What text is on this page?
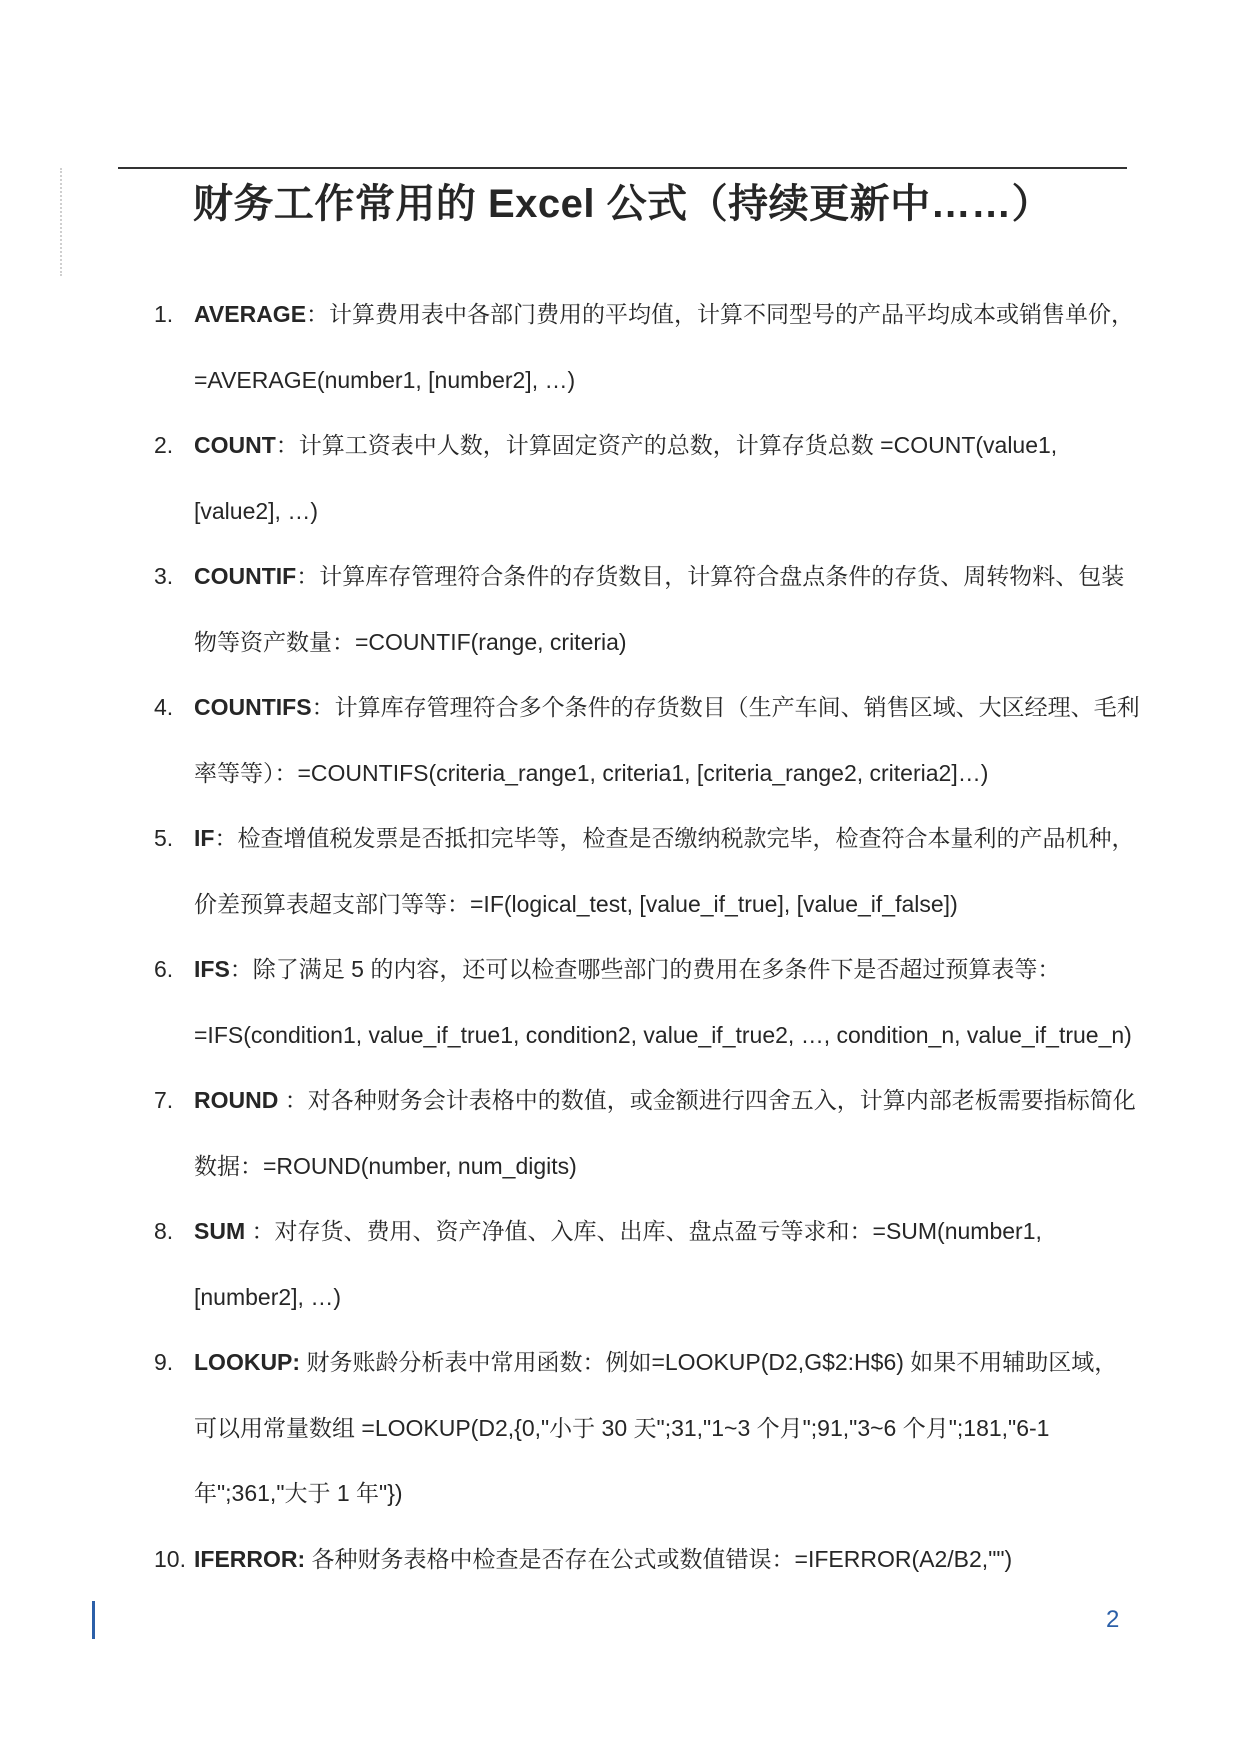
财务工作常用的 Excel 公式（持续更新中……）
1. AVERAGE：计算费用表中各部门费用的平均值，计算不同型号的产品平均成本或销售单价，=AVERAGE(number1, [number2], …)
2. COUNT：计算工资表中人数，计算固定资产的总数，计算存货总数 =COUNT(value1, [value2], …)
3. COUNTIF：计算库存管理符合条件的存货数目，计算符合盘点条件的存货、周转物料、包装物等资产数量：=COUNTIF(range, criteria)
4. COUNTIFS：计算库存管理符合多个条件的存货数目（生产车间、销售区域、大区经理、毛利率等等）：=COUNTIFS(criteria_range1, criteria1, [criteria_range2, criteria2]…)
5. IF：检查增值税发票是否抵扣完毕等，检查是否缴纳税款完毕，检查符合本量利的产品机种，价差预算表超支部门等等：=IF(logical_test, [value_if_true], [value_if_false])
6. IFS：除了满足 5 的内容，还可以检查哪些部门的费用在多条件下是否超过预算表等：=IFS(condition1, value_if_true1, condition2, value_if_true2, …, condition_n, value_if_true_n)
7. ROUND ：对各种财务会计表格中的数值，或金额进行四舍五入，计算内部老板需要指标简化数据：=ROUND(number, num_digits)
8. SUM ：对存货、费用、资产净值、入库、出库、盘点盈亏等求和：=SUM(number1, [number2], …)
9. LOOKUP: 财务账龄分析表中常用函数：例如=LOOKUP(D2,G$2:H$6) 如果不用辅助区域，可以用常量数组 =LOOKUP(D2,{0,"小于 30 天";31,"1~3 个月";91,"3~6 个月";181,"6-1 年";361,"大于 1 年"})
10. IFERROR: 各种财务表格中检查是否存在公式或数值错误：=IFERROR(A2/B2,"")
2
